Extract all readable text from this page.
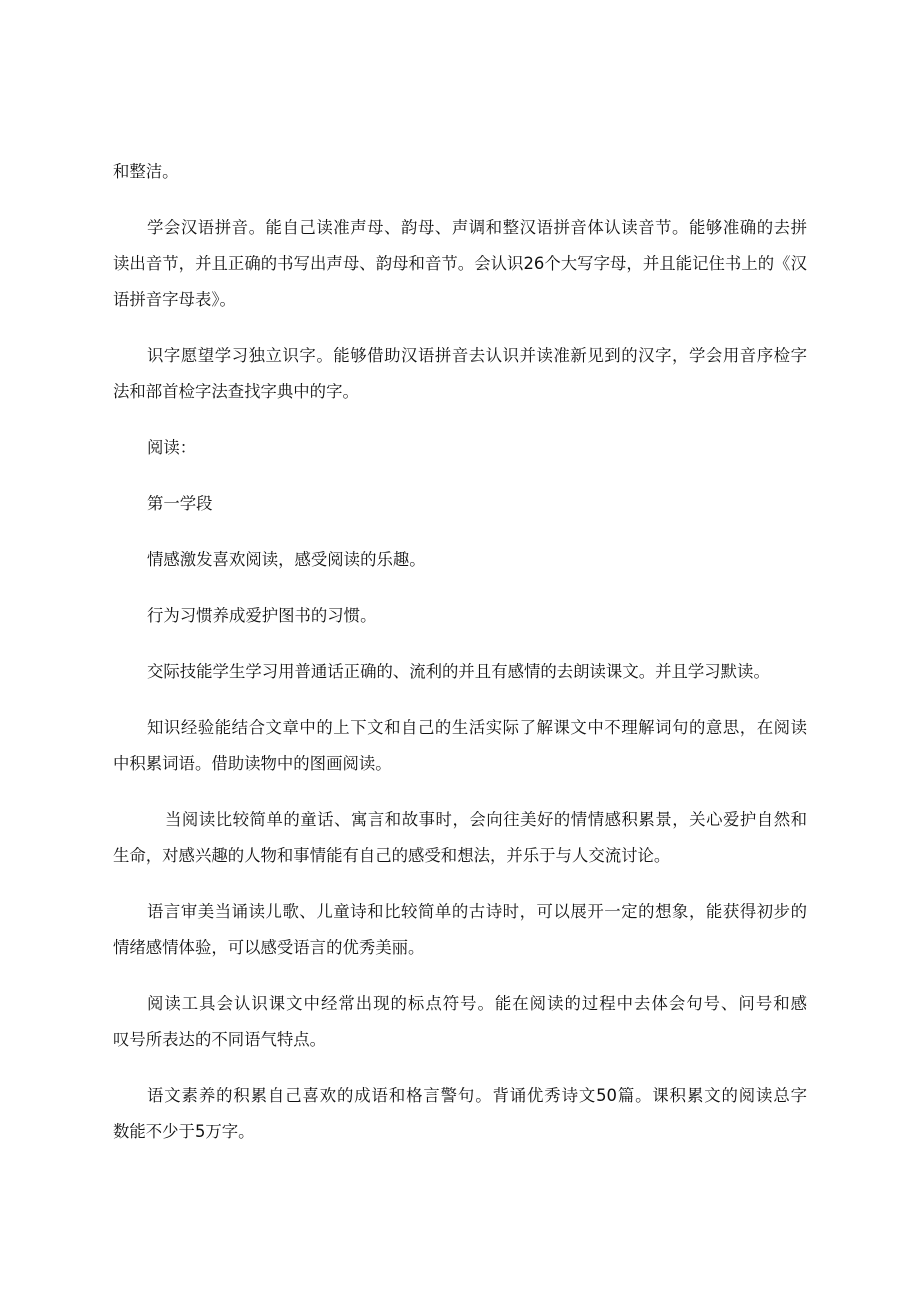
和整洁。

学会汉语拼音。能自己读准声母、韵母、声调和整汉语拼音体认读音节。能够准确的去拼
读出音节，并且正确的书写出声母、韵母和音节。会认识26个大写字母，并且能记住书上的《汉
语拼音字母表》。

识字愿望学习独立识字。能够借助汉语拼音去认识并读准新见到的汉字，学会用音序检字
法和部首检字法查找字典中的字。

阅读：

第一学段

情感激发喜欢阅读，感受阅读的乐趣。

行为习惯养成爱护图书的习惯。

交际技能学生学习用普通话正确的、流利的并且有感情的去朗读课文。并且学习默读。

知识经验能结合文章中的上下文和自己的生活实际了解课文中不理解词句的意思，在阅读
中积累词语。借助读物中的图画阅读。

当阅读比较简单的童话、寓言和故事时，会向往美好的情情感积累景，关心爱护自然和
生命，对感兴趣的人物和事情能有自己的感受和想法，并乐于与人交流讨论。

语言审美当诵读儿歌、儿童诗和比较简单的古诗时，可以展开一定的想象，能获得初步的
情绪感情体验，可以感受语言的优秀美丽。

阅读工具会认识课文中经常出现的标点符号。能在阅读的过程中去体会句号、问号和感
叹号所表达的不同语气特点。

语文素养的积累自己喜欢的成语和格言警句。背诵优秀诗文50篇。课积累文的阅读总字
数能不少于5万字。
